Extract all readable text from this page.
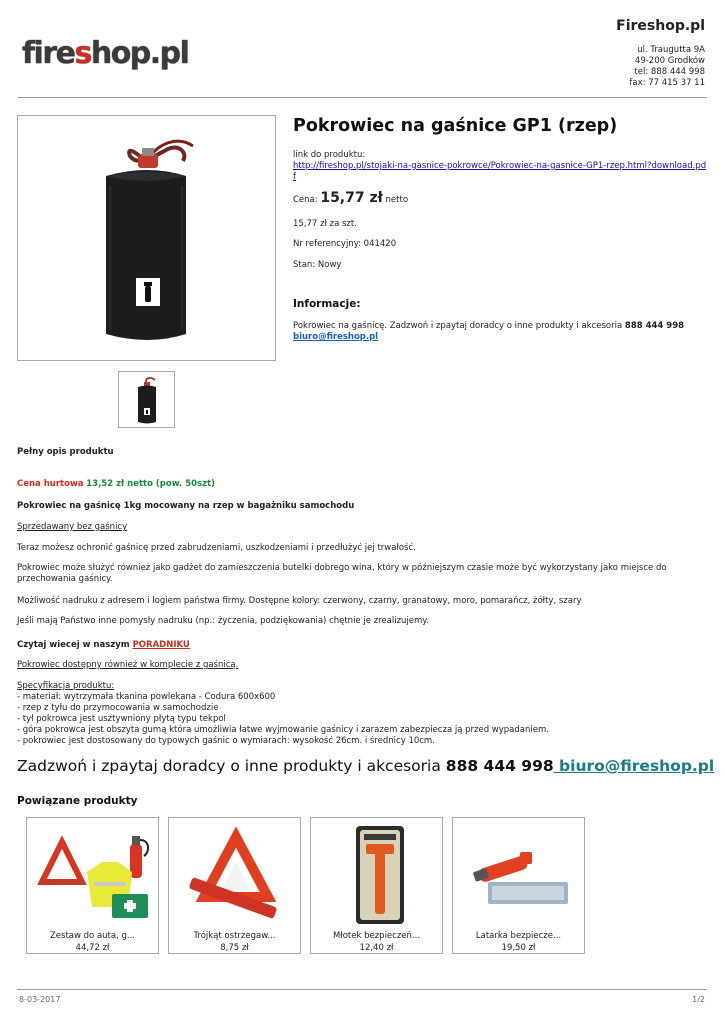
fireshop.pl
Fireshop.pl
ul. Traugutta 9A
49-200 Grodków
tel: 888 444 998
fax: 77 415 37 11
Pokrowiec na gaśnice GP1 (rzep)
link do produktu:
http://fireshop.pl/stojaki-na-gasnice-pokrowce/Pokrowiec-na-gasnice-GP1-rzep.html?download.pdf
Cena: 15,77 zł netto
15,77 zł za szt.
Nr referencyjny: 041420
Stan: Nowy
Informacje:
Pokrowiec na gaśnicę. Zadzwoń i zpaytaj doradcy o inne produkty i akcesoria 888 444 998 biuro@fireshop.pl
Pełny opis produktu
Cena hurtowa 13,52 zł netto (pow. 50szt)
Pokrowiec na gaśnicę 1kg mocowany na rzep w bagażniku samochodu
Sprzedawany bez gaśnicy
Teraz możesz ochronić gaśnicę przed zabrudzeniami, uszkodzeniami i przedłużyć jej trwałość.
Pokrowiec może służyć również jako gadżet do zamieszczenia butelki dobrego wina, który w późniejszym czasie może być wykorzystany jako miejsce do
przechowania gaśnicy.
Możliwość nadruku z adresem i logiem państwa firmy. Dostępne kolory: czerwony, czarny, granatowy, moro, pomarańcz, żółty, szary
Jeśli mają Państwo inne pomysły nadruku (np.: życzenia, podziękowania) chętnie je zrealizujemy.
Czytaj wiecej w naszym PORADNIKU
Pokrowiec dostępny również w komplecie z gaśnicą.
Specyfikacja produktu:
- materiał: wytrzymała tkanina powlekana - Codura 600x600
- rzep z tyłu do przymocowania w samochodzie
- tył pokrowca jest usztywniony płytą typu tekpol
- góra pokrowca jest obszyta gumą która umożliwia łatwe wyjmowanie gaśnicy i zarazem zabezpiecza ją przed wypadaniem.
- pokrowiec jest dostosowany do typowych gaśnic o wymiarach: wysokość 26cm. i średnicy 10cm.
Zadzwoń i zpaytaj doradcy o inne produkty i akcesoria 888 444 998 biuro@fireshop.pl
Powiązane produkty
Zestaw do auta, g...
44,72 zł
Trójkąt ostrzegaw...
8,75 zł
Młotek bezpieczeń...
12,40 zł
Latarka bezpiecze...
19,50 zł
8-03-2017	1/2
